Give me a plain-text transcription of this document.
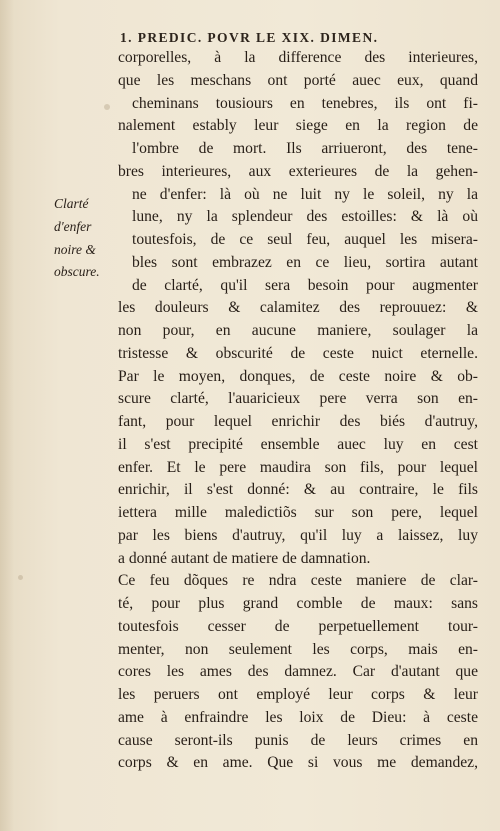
1. PREDIC. POVR LE XIX. DIMEN.
Clarté
d'enfer
noire &
obscure.
corporelles, à la difference des interieures,
que les meschans ont porté auec eux, quand
cheminans tousiours en tenebres, ils ont fi-
nalement estably leur siege en la region de
l'ombre de mort. Ils arriueront, des tene-
bres interieures, aux exterieures de la gehen-
ne d'enfer: là où ne luit ny le soleil, ny la
lune, ny la splendeur des estoilles: & là où
toutesfois, de ce seul feu, auquel les misera-
bles sont embrazez en ce lieu, sortira autant
de clarté, qu'il sera besoin pour augmenter
les douleurs & calamitez des reprouuez: &
non pour, en aucune maniere, soulager la
tristesse & obscurité de ceste nuict eternelle.
Par le moyen, donques, de ceste noire & ob-
scure clarté, l'auaricieux pere verra son en-
fant, pour lequel enrichir des biés d'autruy,
il s'est precipité ensemble auec luy en cest
enfer. Et le pere maudira son fils, pour lequel
enrichir, il s'est donné: & au contraire, le fils
iettera mille maledictiõs sur son pere, lequel
par les biens d'autruy, qu'il luy a laissez, luy
a donné autant de matiere de damnation.
Ce feu dõques re ndra ceste maniere de clar-
té, pour plus grand comble de maux: sans
toutesfois cesser de perpetuellement tour-
menter, non seulement les corps, mais en-
cores les ames des damnez. Car d'autant que
les peruers ont employé leur corps & leur
ame à enfraindre les loix de Dieu: à ceste
cause seront-ils punis de leurs crimes en
corps & en ame. Que si vous me demandez,
